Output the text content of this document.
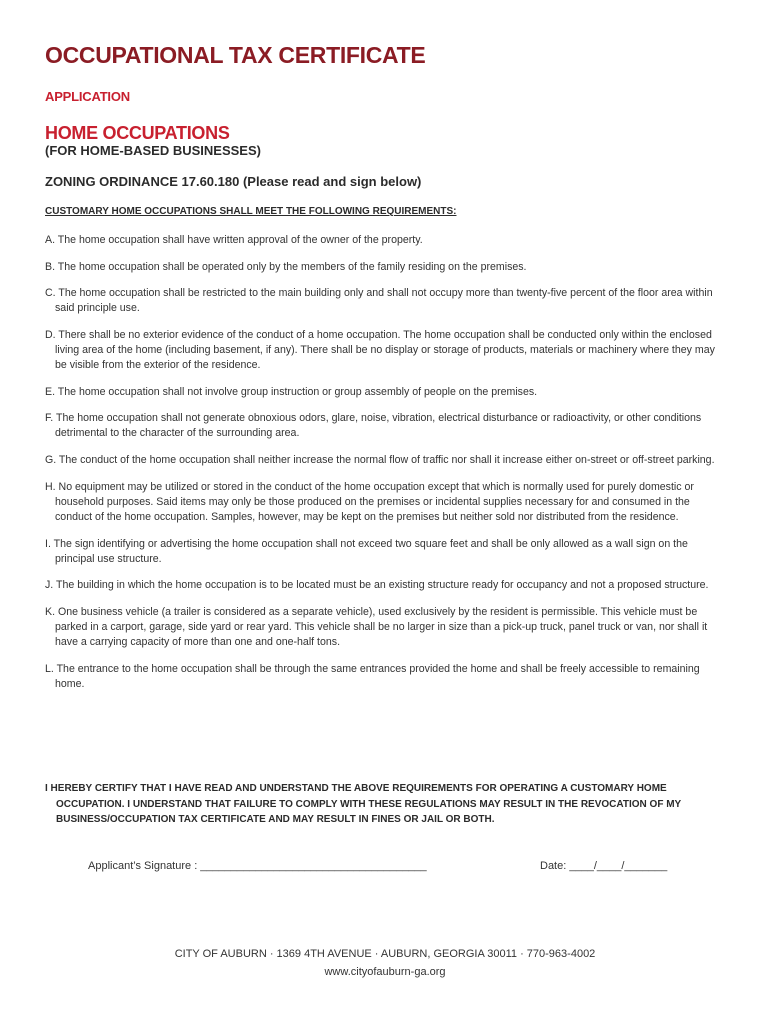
OCCUPATIONAL TAX CERTIFICATE
APPLICATION
HOME OCCUPATIONS
(FOR HOME-BASED BUSINESSES)
ZONING ORDINANCE 17.60.180 (Please read and sign below)
CUSTOMARY HOME OCCUPATIONS SHALL MEET THE FOLLOWING REQUIREMENTS:
A. The home occupation shall have written approval of the owner of the property.
B. The home occupation shall be operated only by the members of the family residing on the premises.
C. The home occupation shall be restricted to the main building only and shall not occupy more than twenty-five percent of the floor area within said principle use.
D. There shall be no exterior evidence of the conduct of a home occupation. The home occupation shall be conducted only within the enclosed living area of the home (including basement, if any). There shall be no display or storage of products, materials or machinery where they may be visible from the exterior of the residence.
E. The home occupation shall not involve group instruction or group assembly of people on the premises.
F. The home occupation shall not generate obnoxious odors, glare, noise, vibration, electrical disturbance or radioactivity, or other conditions detrimental to the character of the surrounding area.
G. The conduct of the home occupation shall neither increase the normal flow of traffic nor shall it increase either on-street or off-street parking.
H. No equipment may be utilized or stored in the conduct of the home occupation except that which is normally used for purely domestic or household purposes. Said items may only be those produced on the premises or incidental supplies necessary for and consumed in the conduct of the home occupation. Samples, however, may be kept on the premises but neither sold nor distributed from the residence.
I. The sign identifying or advertising the home occupation shall not exceed two square feet and shall be only allowed as a wall sign on the principal use structure.
J. The building in which the home occupation is to be located must be an existing structure ready for occupancy and not a proposed structure.
K. One business vehicle (a trailer is considered as a separate vehicle), used exclusively by the resident is permissible. This vehicle must be parked in a carport, garage, side yard or rear yard. This vehicle shall be no larger in size than a pick-up truck, panel truck or van, nor shall it have a carrying capacity of more than one and one-half tons.
L. The entrance to the home occupation shall be through the same entrances provided the home and shall be freely accessible to remaining home.
I HEREBY CERTIFY THAT I HAVE READ AND UNDERSTAND THE ABOVE REQUIREMENTS FOR OPERATING A CUSTOMARY HOME OCCUPATION. I UNDERSTAND THAT FAILURE TO COMPLY WITH THESE REGULATIONS MAY RESULT IN THE REVOCATION OF MY BUSINESS/OCCUPATION TAX CERTIFICATE AND MAY RESULT IN FINES OR JAIL OR BOTH.
Applicant’s Signature : _____________________________________	Date: ____/____/_______
CITY OF AUBURN · 1369 4TH AVENUE · AUBURN, GEORGIA 30011 · 770-963-4002
www.cityofauburn-ga.org
